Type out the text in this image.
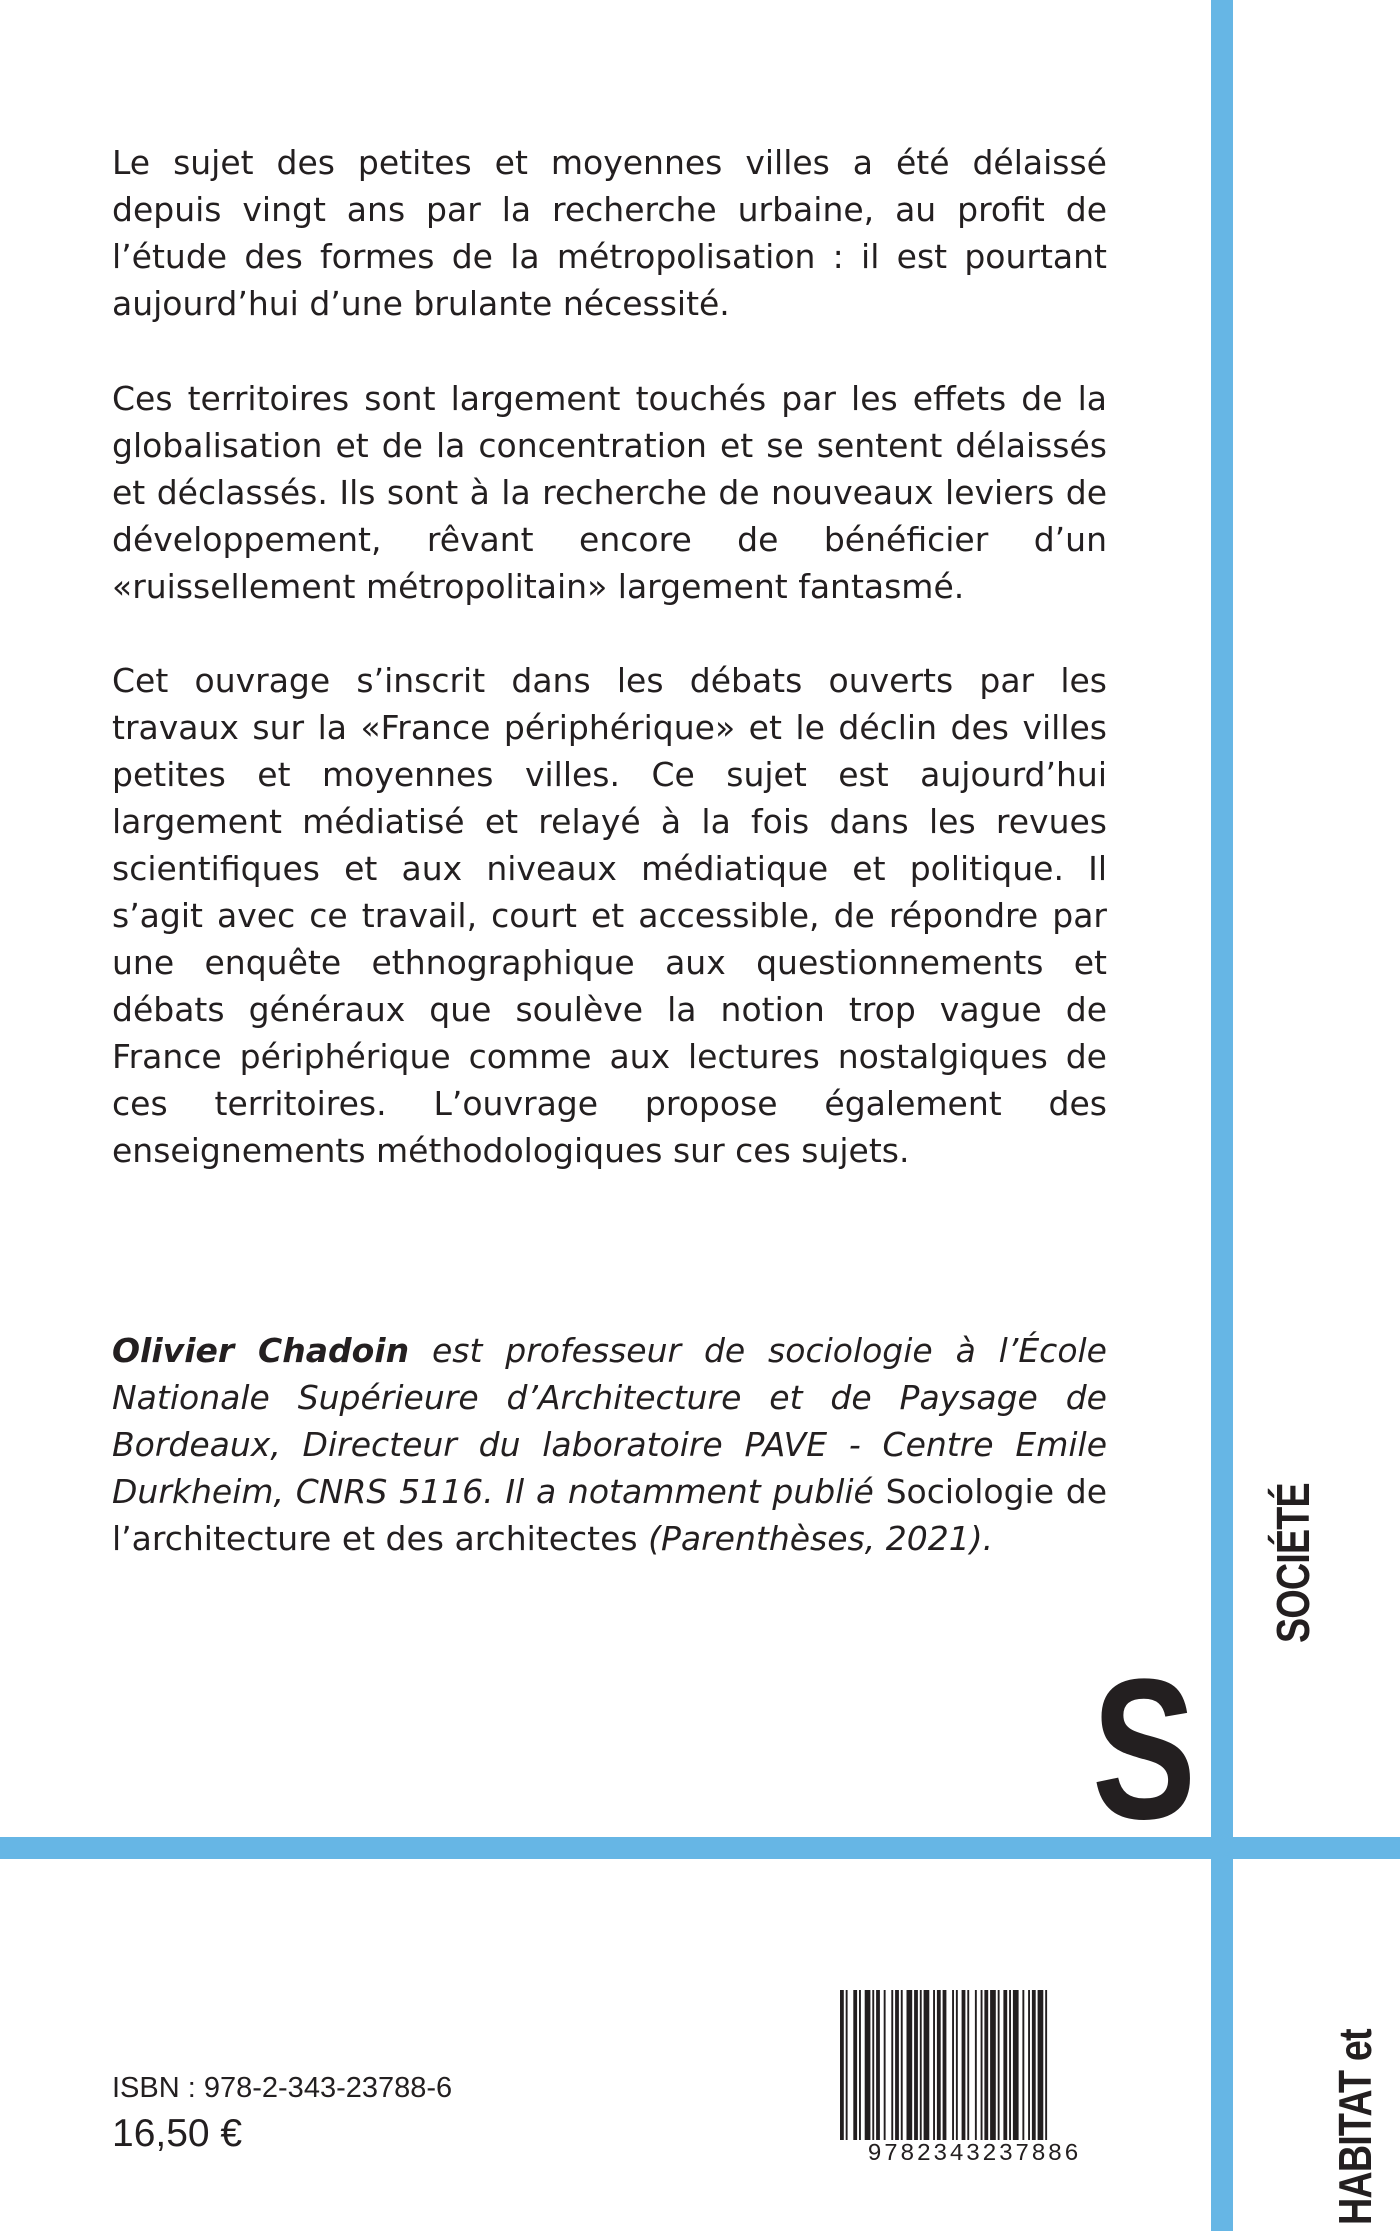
Le sujet des petites et moyennes villes a été délaissé depuis vingt ans par la recherche urbaine, au profit de l’étude des formes de la métropolisation : il est pourtant aujourd’hui d’une brulante nécessité.

Ces territoires sont largement touchés par les effets de la globalisation et de la concentration et se sentent délaissés et déclassés. Ils sont à la recherche de nouveaux leviers de développement, rêvant encore de bénéficier d’un «ruissellement métropolitain» largement fantasmé.

Cet ouvrage s’inscrit dans les débats ouverts par les travaux sur la «France périphérique» et le déclin des villes petites et moyennes villes. Ce sujet est aujourd’hui largement médiatisé et relayé à la fois dans les revues scientifiques et aux niveaux médiatique et politique. Il s’agit avec ce travail, court et accessible, de répondre par une enquête ethnographique aux questionnements et débats généraux que soulève la notion trop vague de France périphérique comme aux lectures nostalgiques de ces territoires. L’ouvrage propose également des enseignements méthodologiques sur ces sujets.

Olivier Chadoin est professeur de sociologie à l’École Nationale Supérieure d’Architecture et de Paysage de Bordeaux, Directeur du laboratoire PAVE - Centre Emile Durkheim, CNRS 5116. Il a notamment publié Sociologie de l’architecture et des architectes (Parenthèses, 2021).

S
HABITAT et
SOCIÉTÉ
ISBN : 978-2-343-23788-6
16,50 €	9782343237886
